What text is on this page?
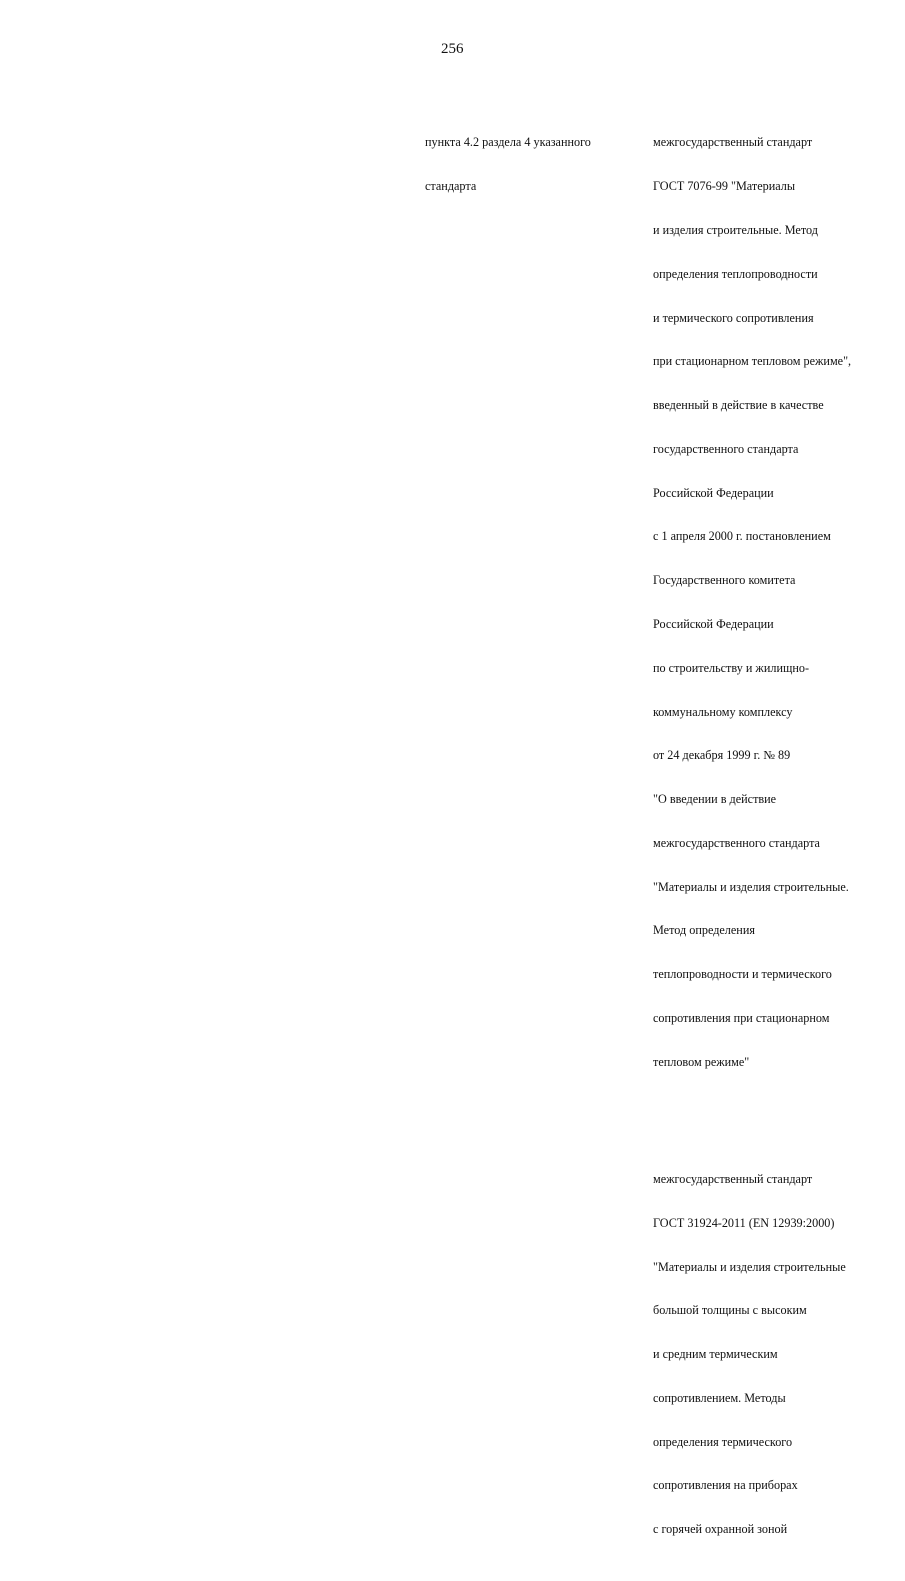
256

пункта 4.2 раздела 4 указанного

стандарта

межгосударственный стандарт

ГОСТ 7076-99 "Материалы

и изделия строительные. Метод

определения теплопроводности

и термического сопротивления

при стационарном тепловом режиме",

введенный в действие в качестве

государственного стандарта

Российской Федерации

с 1 апреля 2000 г. постановлением

Государственного комитета

Российской Федерации

по строительству и жилищно-

коммунальному комплексу

от 24 декабря 1999 г. № 89

"О введении в действие

межгосударственного стандарта

"Материалы и изделия строительные.

Метод определения

теплопроводности и термического

сопротивления при стационарном

тепловом режиме"

межгосударственный стандарт

ГОСТ 31924-2011 (EN 12939:2000)

"Материалы и изделия строительные

большой толщины с высоким

и средним термическим

сопротивлением. Методы

определения термического

сопротивления на приборах

с горячей охранной зоной
